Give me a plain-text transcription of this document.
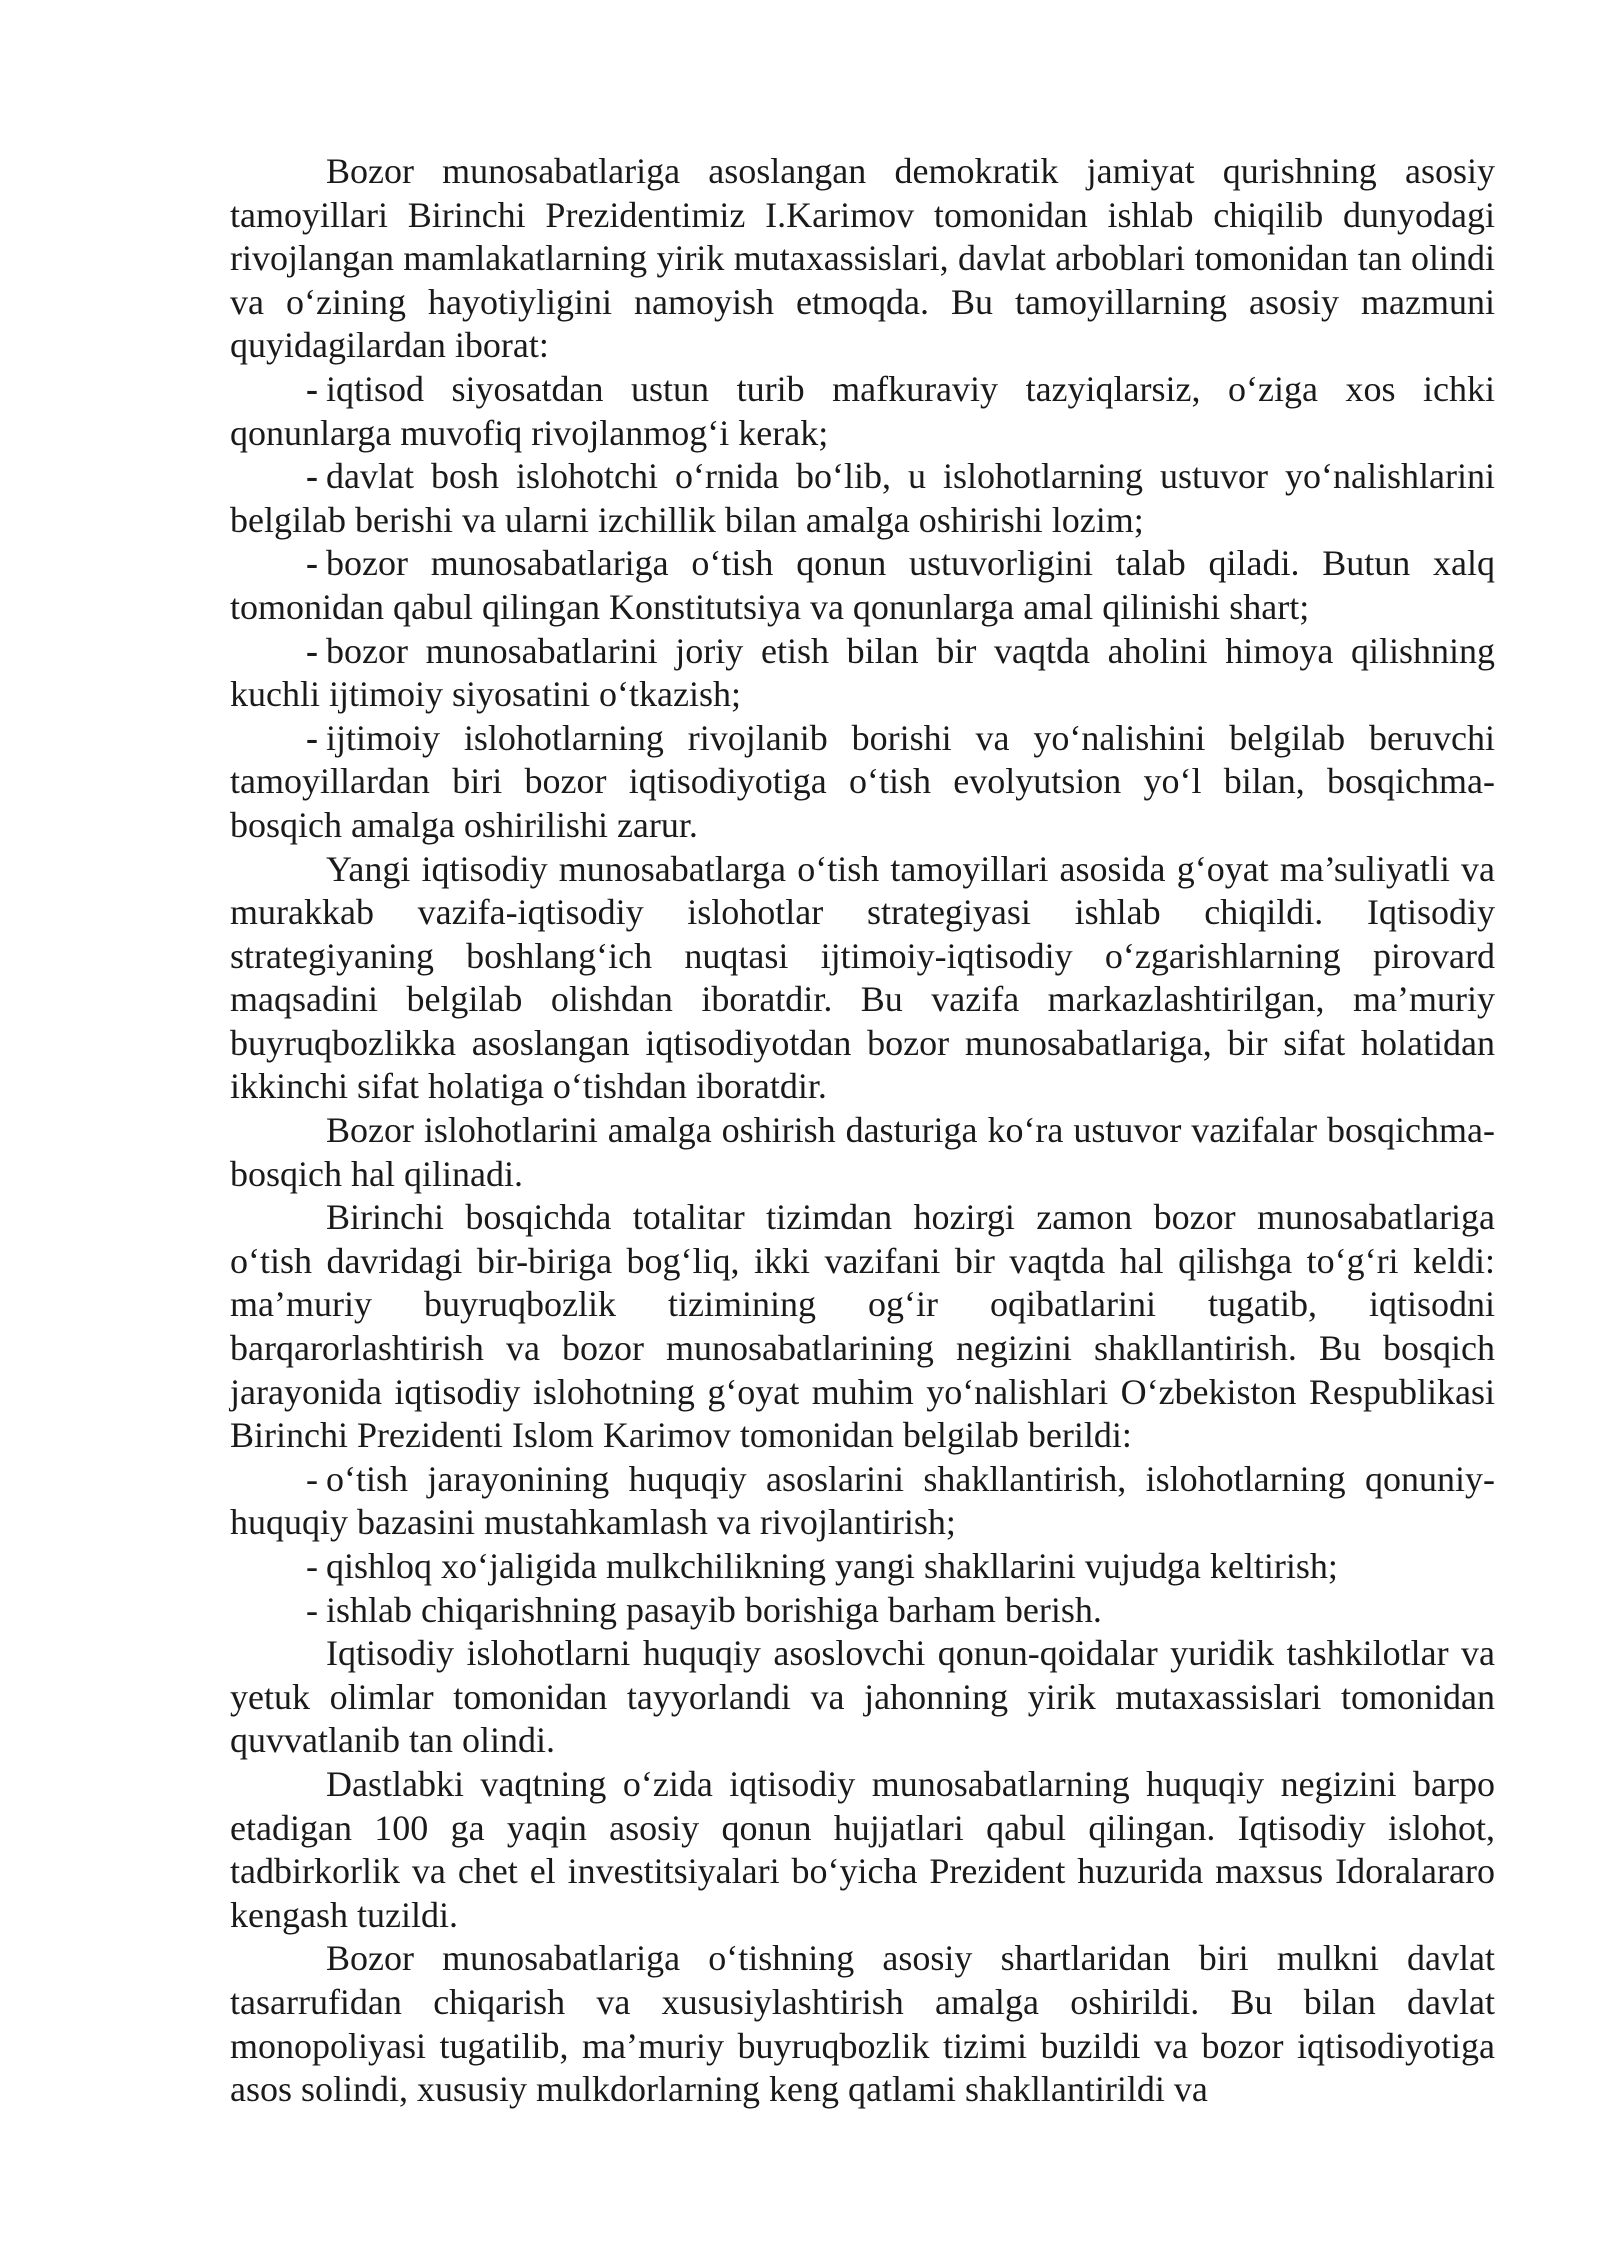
Bozor munosabatlariga asoslangan demokratik jamiyat qurishning asosiy tamoyillari Birinchi Prezidentimiz I.Karimov tomonidan ishlab chiqilib dunyodagi rivojlangan mamlakatlarning yirik mutaxassislari, davlat arboblari tomonidan tan olindi va o‘zining hayotiyligini namoyish etmoqda. Bu tamoyillarning asosiy mazmuni quyidagilardan iborat:

- iqtisod siyosatdan ustun turib mafkuraviy tazyiqlarsiz, o‘ziga xos ichki qonunlarga muvofiq rivojlanmog‘i kerak;

- davlat bosh islohotchi o‘rnida bo‘lib, u islohotlarning ustuvor yo‘nalishlarini belgilab berishi va ularni izchillik bilan amalga oshirishi lozim;

- bozor munosabatlariga o‘tish qonun ustuvorligini talab qiladi. Butun xalq tomonidan qabul qilingan Konstitutsiya va qonunlarga amal qilinishi shart;

- bozor munosabatlarini joriy etish bilan bir vaqtda aholini himoya qilishning kuchli ijtimoiy siyosatini o‘tkazish;

- ijtimoiy islohotlarning rivojlanib borishi va yo‘nalishini belgilab beruvchi tamoyillardan biri bozor iqtisodiyotiga o‘tish evolyutsion yo‘l bilan, bosqichma-bosqich amalga oshirilishi zarur.

Yangi iqtisodiy munosabatlarga o‘tish tamoyillari asosida g‘oyat ma’suliyatli va murakkab vazifa-iqtisodiy islohotlar strategiyasi ishlab chiqildi. Iqtisodiy strategiyaning boshlang‘ich nuqtasi ijtimoiy-iqtisodiy o‘zgarishlarning pirovard maqsadini belgilab olishdan iboratdir. Bu vazifa markazlashtirilgan, ma’muriy buyruqbozlikka asoslangan iqtisodiyotdan bozor munosabatlariga, bir sifat holatidan ikkinchi sifat holatiga o‘tishdan iboratdir.

Bozor islohotlarini amalga oshirish dasturiga ko‘ra ustuvor vazifalar bosqichma-bosqich hal qilinadi.

Birinchi bosqichda totalitar tizimdan hozirgi zamon bozor munosabatlariga o‘tish davridagi bir-biriga bog‘liq, ikki vazifani bir vaqtda hal qilishga to‘g‘ri keldi: ma’muriy buyruqbozlik tizimining og‘ir oqibatlarini tugatib, iqtisodni barqarorlashtirish va bozor munosabatlarining negizini shakllantirish. Bu bosqich jarayonida iqtisodiy islohotning g‘oyat muhim yo‘nalishlari O‘zbekiston Respublikasi Birinchi Prezidenti Islom Karimov tomonidan belgilab berildi:

- o‘tish jarayonining huquqiy asoslarini shakllantirish, islohotlarning qonuniy-huquqiy bazasini mustahkamlash va rivojlantirish;

- qishloq xo‘jaligida mulkchilikning yangi shakllarini vujudga keltirish;

- ishlab chiqarishning pasayib borishiga barham berish.

Iqtisodiy islohotlarni huquqiy asoslovchi qonun-qoidalar yuridik tashkilotlar va yetuk olimlar tomonidan tayyorlandi va jahonning yirik mutaxassislari tomonidan quvvatlanib tan olindi.

Dastlabki vaqtning o‘zida iqtisodiy munosabatlarning huquqiy negizini barpo etadigan 100 ga yaqin asosiy qonun hujjatlari qabul qilingan. Iqtisodiy islohot, tadbirkorlik va chet el investitsiyalari bo‘yicha Prezident huzurida maxsus Idoralararo kengash tuzildi.

Bozor munosabatlariga o‘tishning asosiy shartlaridan biri mulkni davlat tasarrufidan chiqarish va xususiylashtirish amalga oshirildi. Bu bilan davlat monopoliyasi tugatilib, ma’muriy buyruqbozlik tizimi buzildi va bozor iqtisodiyotiga asos solindi, xususiy mulkdorlarning keng qatlami shakllantirildi va
